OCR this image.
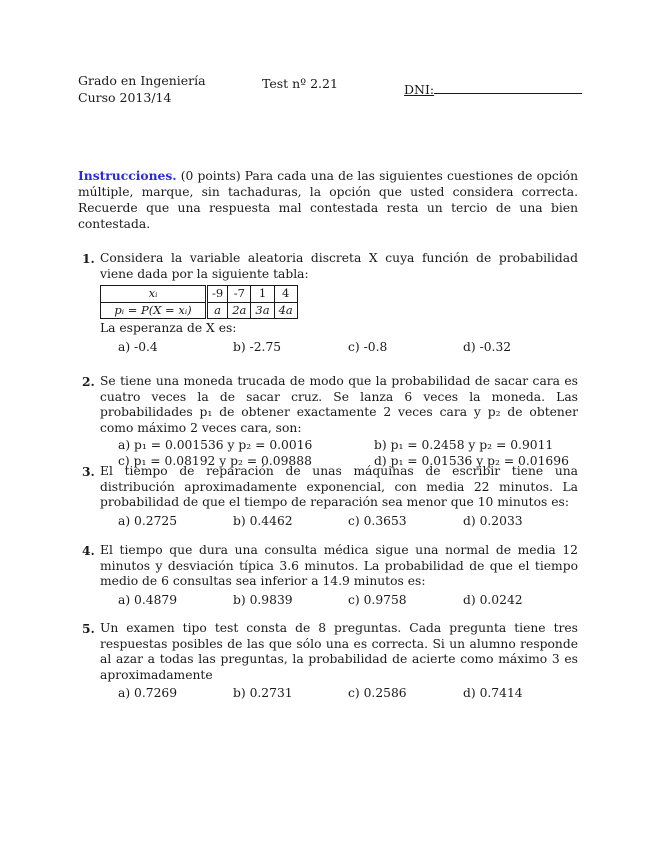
Grado en Ingeniería
Curso 2013/14
Test nº 2.21	DNI:
Instrucciones. (0 points) Para cada una de las siguientes cuestiones de opción múltiple, marque, sin tachaduras, la opción que usted considera correcta. Recuerde que una respuesta mal contestada resta un tercio de una bien contestada.
1. Considera la variable aleatoria discreta X cuya función de probabilidad viene dada por la siguiente tabla:
xᵢ	-9	-7	1	4
pᵢ = P(X = xᵢ)	a	2a	3a	4a
La esperanza de X es:
a) -0.4	b) -2.75	c) -0.8	d) -0.32
2. Se tiene una moneda trucada de modo que la probabilidad de sacar cara es cuatro veces la de sacar cruz. Se lanza 6 veces la moneda. Las probabilidades p₁ de obtener exactamente 2 veces cara y p₂ de obtener como máximo 2 veces cara, son:
a) p₁ = 0.001536 y p₂ = 0.0016	b) p₁ = 0.2458 y p₂ = 0.9011
c) p₁ = 0.08192 y p₂ = 0.09888	d) p₁ = 0.01536 y p₂ = 0.01696
3. El tiempo de reparación de unas máquinas de escribir tiene una distribución aproximadamente exponencial, con media 22 minutos. La probabilidad de que el tiempo de reparación sea menor que 10 minutos es:
a) 0.2725	b) 0.4462	c) 0.3653	d) 0.2033
4. El tiempo que dura una consulta médica sigue una normal de media 12 minutos y desviación típica 3.6 minutos. La probabilidad de que el tiempo medio de 6 consultas sea inferior a 14.9 minutos es:
a) 0.4879	b) 0.9839	c) 0.9758	d) 0.0242
5. Un examen tipo test consta de 8 preguntas. Cada pregunta tiene tres respuestas posibles de las que sólo una es correcta. Si un alumno responde al azar a todas las preguntas, la probabilidad de acierte como máximo 3 es aproximadamente
a) 0.7269	b) 0.2731	c) 0.2586	d) 0.7414
